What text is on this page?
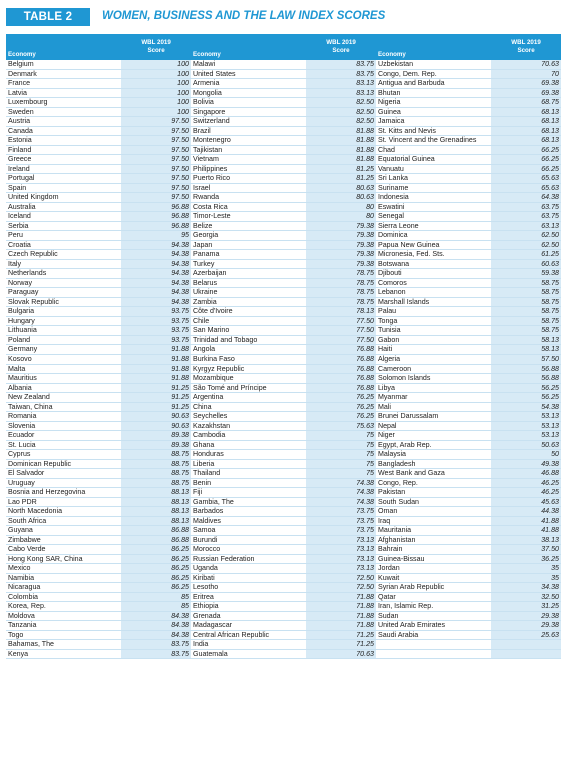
TABLE 2	WOMEN, BUSINESS AND THE LAW INDEX SCORES
Economy	WBL 2019
Score	Economy	WBL 2019
Score	Economy	WBL 2019
Score
Belgium	100	Malawi	83.75	Uzbekistan	70.63
Denmark	100	United States	83.75	Congo, Dem. Rep.	70
France	100	Armenia	83.13	Antigua and Barbuda	69.38
Latvia	100	Mongolia	83.13	Bhutan	69.38
Luxembourg	100	Bolivia	82.50	Nigeria	68.75
Sweden	100	Singapore	82.50	Guinea	68.13
Austria	97.50	Switzerland	82.50	Jamaica	68.13
Canada	97.50	Brazil	81.88	St. Kitts and Nevis	68.13
Estonia	97.50	Montenegro	81.88	St. Vincent and the Grenadines	68.13
Finland	97.50	Tajikistan	81.88	Chad	66.25
Greece	97.50	Vietnam	81.88	Equatorial Guinea	66.25
Ireland	97.50	Philippines	81.25	Vanuatu	66.25
Portugal	97.50	Puerto Rico	81.25	Sri Lanka	65.63
Spain	97.50	Israel	80.63	Suriname	65.63
United Kingdom	97.50	Rwanda	80.63	Indonesia	64.38
Australia	96.88	Costa Rica	80	Eswatini	63.75
Iceland	96.88	Timor-Leste	80	Senegal	63.75
Serbia	96.88	Belize	79.38	Sierra Leone	63.13
Peru	95	Georgia	79.38	Dominica	62.50
Croatia	94.38	Japan	79.38	Papua New Guinea	62.50
Czech Republic	94.38	Panama	79.38	Micronesia, Fed. Sts.	61.25
Italy	94.38	Turkey	79.38	Botswana	60.63
Netherlands	94.38	Azerbaijan	78.75	Djibouti	59.38
Norway	94.38	Belarus	78.75	Comoros	58.75
Paraguay	94.38	Ukraine	78.75	Lebanon	58.75
Slovak Republic	94.38	Zambia	78.75	Marshall Islands	58.75
Bulgaria	93.75	Côte d'Ivoire	78.13	Palau	58.75
Hungary	93.75	Chile	77.50	Tonga	58.75
Lithuania	93.75	San Marino	77.50	Tunisia	58.75
Poland	93.75	Trinidad and Tobago	77.50	Gabon	58.13
Germany	91.88	Angola	76.88	Haiti	58.13
Kosovo	91.88	Burkina Faso	76.88	Algeria	57.50
Malta	91.88	Kyrgyz Republic	76.88	Cameroon	56.88
Mauritius	91.88	Mozambique	76.88	Solomon Islands	56.88
Albania	91.25	São Tomé and Príncipe	76.88	Libya	56.25
New Zealand	91.25	Argentina	76.25	Myanmar	56.25
Taiwan, China	91.25	China	76.25	Mali	54.38
Romania	90.63	Seychelles	76.25	Brunei Darussalam	53.13
Slovenia	90.63	Kazakhstan	75.63	Nepal	53.13
Ecuador	89.38	Cambodia	75	Niger	53.13
St. Lucia	89.38	Ghana	75	Egypt, Arab Rep.	50.63
Cyprus	88.75	Honduras	75	Malaysia	50
Dominican Republic	88.75	Liberia	75	Bangladesh	49.38
El Salvador	88.75	Thailand	75	West Bank and Gaza	46.88
Uruguay	88.75	Benin	74.38	Congo, Rep.	46.25
Bosnia and Herzegovina	88.13	Fiji	74.38	Pakistan	46.25
Lao PDR	88.13	Gambia, The	74.38	South Sudan	45.63
North Macedonia	88.13	Barbados	73.75	Oman	44.38
South Africa	88.13	Maldives	73.75	Iraq	41.88
Guyana	86.88	Samoa	73.75	Mauritania	41.88
Zimbabwe	86.88	Burundi	73.13	Afghanistan	38.13
Cabo Verde	86.25	Morocco	73.13	Bahrain	37.50
Hong Kong SAR, China	86.25	Russian Federation	73.13	Guinea-Bissau	36.25
Mexico	86.25	Uganda	73.13	Jordan	35
Namibia	86.25	Kiribati	72.50	Kuwait	35
Nicaragua	86.25	Lesotho	72.50	Syrian Arab Republic	34.38
Colombia	85	Eritrea	71.88	Qatar	32.50
Korea, Rep.	85	Ethiopia	71.88	Iran, Islamic Rep.	31.25
Moldova	84.38	Grenada	71.88	Sudan	29.38
Tanzania	84.38	Madagascar	71.88	United Arab Emirates	29.38
Togo	84.38	Central African Republic	71.25	Saudi Arabia	25.63
Bahamas, The	83.75	India	71.25		
Kenya	83.75	Guatemala	70.63		
